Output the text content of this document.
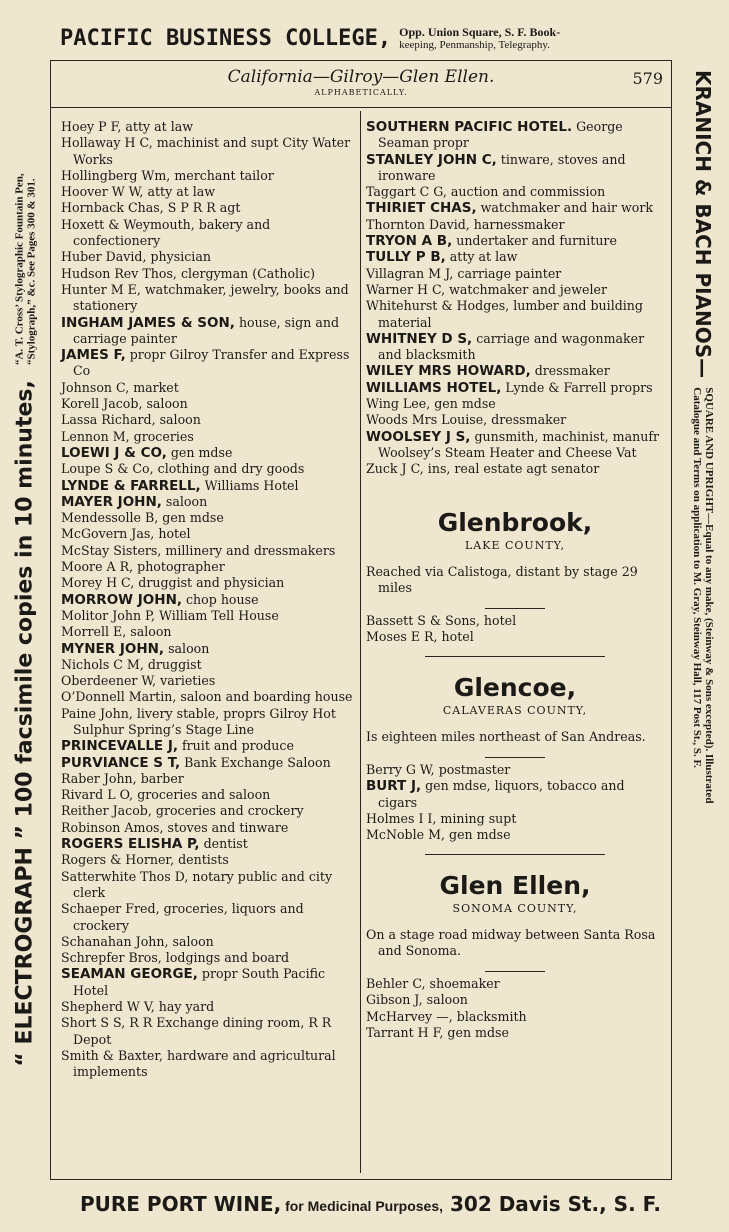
PACIFIC BUSINESS COLLEGE, Opp. Union Square, S. F. Book-
keeping, Penmanship, Telegraphy.
“ ELECTROGRAPH ” 100 facsimile copies in 10 minutes, “A. T. Cross’ Stylographic Fountain Pen,
“Stylograph,” &c. See Pages 300 & 301.	KRANICH & BACH PIANOS— SQUARE AND UPRIGHT—Equal to any make, (Steinway & Sons excepted). Illustrated
Catalogue and Terms on application to M. Gray, Steinway Hall, 117 Post St., S. F.
California—Gilroy—Glen Ellen.
ALPHABETICALLY.
579
Hoey P F, atty at law
Hollaway H C, machinist and supt City Water Works
Hollingberg Wm, merchant tailor
Hoover W W, atty at law
Hornback Chas, S P R R agt
Hoxett & Weymouth, bakery and confectionery
Huber David, physician
Hudson Rev Thos, clergyman (Catholic)
Hunter M E, watchmaker, jewelry, books and stationery
INGHAM JAMES & SON, house, sign and carriage painter
JAMES F, propr Gilroy Transfer and Express Co
Johnson C, market
Korell Jacob, saloon
Lassa Richard, saloon
Lennon M, groceries
LOEWI J & CO, gen mdse
Loupe S & Co, clothing and dry goods
LYNDE & FARRELL, Williams Hotel
MAYER JOHN, saloon
Mendessolle B, gen mdse
McGovern Jas, hotel
McStay Sisters, millinery and dressmakers
Moore A R, photographer
Morey H C, druggist and physician
MORROW JOHN, chop house
Molitor John P, William Tell House
Morrell E, saloon
MYNER JOHN, saloon
Nichols C M, druggist
Oberdeener W, varieties
O’Donnell Martin, saloon and boarding house
Paine John, livery stable, proprs Gilroy Hot Sulphur Spring’s Stage Line
PRINCEVALLE J, fruit and produce
PURVIANCE S T, Bank Exchange Saloon
Raber John, barber
Rivard L O, groceries and saloon
Reither Jacob, groceries and crockery
Robinson Amos, stoves and tinware
ROGERS ELISHA P, dentist
Rogers & Horner, dentists
Satterwhite Thos D, notary public and city clerk
Schaeper Fred, groceries, liquors and crockery
Schanahan John, saloon
Schrepfer Bros, lodgings and board
SEAMAN GEORGE, propr South Pacific Hotel
Shepherd W V, hay yard
Short S S, R R Exchange dining room, R R Depot
Smith & Baxter, hardware and agricultural implements
SOUTHERN PACIFIC HOTEL. George Seaman propr
STANLEY JOHN C, tinware, stoves and ironware
Taggart C G, auction and commission
THIRIET CHAS, watchmaker and hair work
Thornton David, harnessmaker
TRYON A B, undertaker and furniture
TULLY P B, atty at law
Villagran M J, carriage painter
Warner H C, watchmaker and jeweler
Whitehurst & Hodges, lumber and building material
WHITNEY D S, carriage and wagonmaker and blacksmith
WILEY MRS HOWARD, dressmaker
WILLIAMS HOTEL, Lynde & Farrell proprs
Wing Lee, gen mdse
Woods Mrs Louise, dressmaker
WOOLSEY J S, gunsmith, machinist, manufr Woolsey’s Steam Heater and Cheese Vat
Zuck J C, ins, real estate agt senator
Glenbrook,
LAKE COUNTY,
Reached via Calistoga, distant by stage 29 miles
Bassett S & Sons, hotel
Moses E R, hotel
Glencoe,
CALAVERAS COUNTY,
Is eighteen miles northeast of San Andreas.
Berry G W, postmaster
BURT J, gen mdse, liquors, tobacco and cigars
Holmes I I, mining supt
McNoble M, gen mdse
Glen Ellen,
SONOMA COUNTY,
On a stage road midway between Santa Rosa and Sonoma.
Behler C, shoemaker
Gibson J, saloon
McHarvey —, blacksmith
Tarrant H F, gen mdse
PURE PORT WINE, for Medicinal Purposes, 302 Davis St., S. F.
